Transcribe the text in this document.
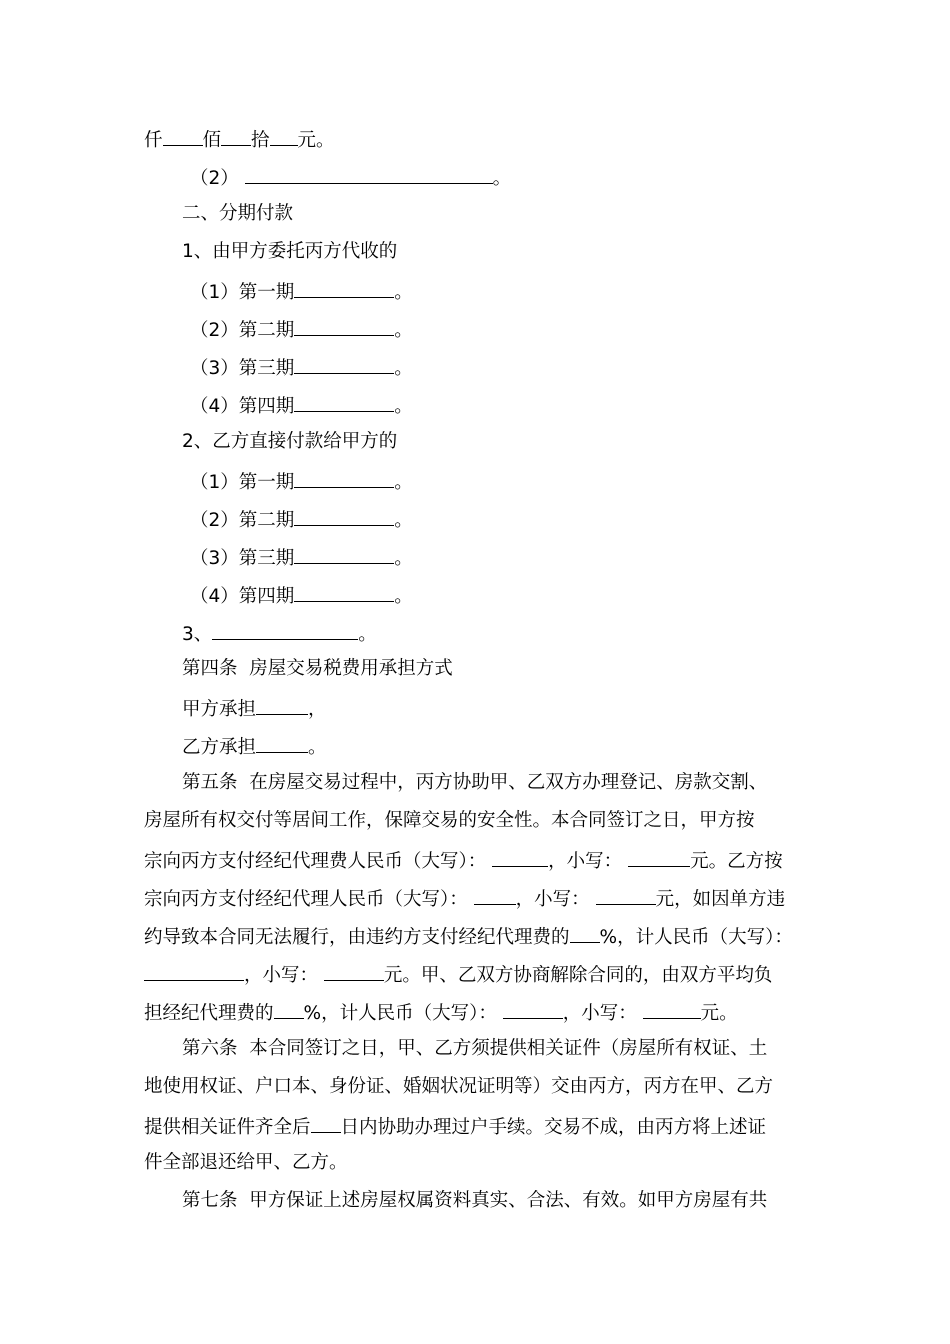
仟 佰 拾 元。
（2）	。
二、分期付款
1、由甲方委托丙方代收的
（1）第一期	。
（2）第二期	。
（3）第三期	。
（4）第四期	。
2、乙方直接付款给甲方的
（1）第一期	。
（2）第二期	。
（3）第三期	。
（4）第四期	。
3、	。
第四条  房屋交易税费用承担方式
甲方承担	，
乙方承担	。
第五条  在房屋交易过程中，丙方协助甲、乙双方办理登记、房款交割、
房屋所有权交付等居间工作，保障交易的安全性。本合同签订之日，甲方按
宗向丙方支付经纪代理费人民币（大写）：	，小写：	元。乙方按
宗向丙方支付经纪代理人民币（大写）：	，小写：	元，如因单方违
约导致本合同无法履行，由违约方支付经纪代理费的 %，计人民币（大写）：
，小写：	元。甲、乙双方协商解除合同的，由双方平均负
担经纪代理费的 %，计人民币（大写）：	，小写：	元。
第六条  本合同签订之日，甲、乙方须提供相关证件（房屋所有权证、土
地使用权证、户口本、身份证、婚姻状况证明等）交由丙方，丙方在甲、乙方
提供相关证件齐全后 日内协助办理过户手续。交易不成，由丙方将上述证
件全部退还给甲、乙方。
第七条  甲方保证上述房屋权属资料真实、合法、有效。如甲方房屋有共
